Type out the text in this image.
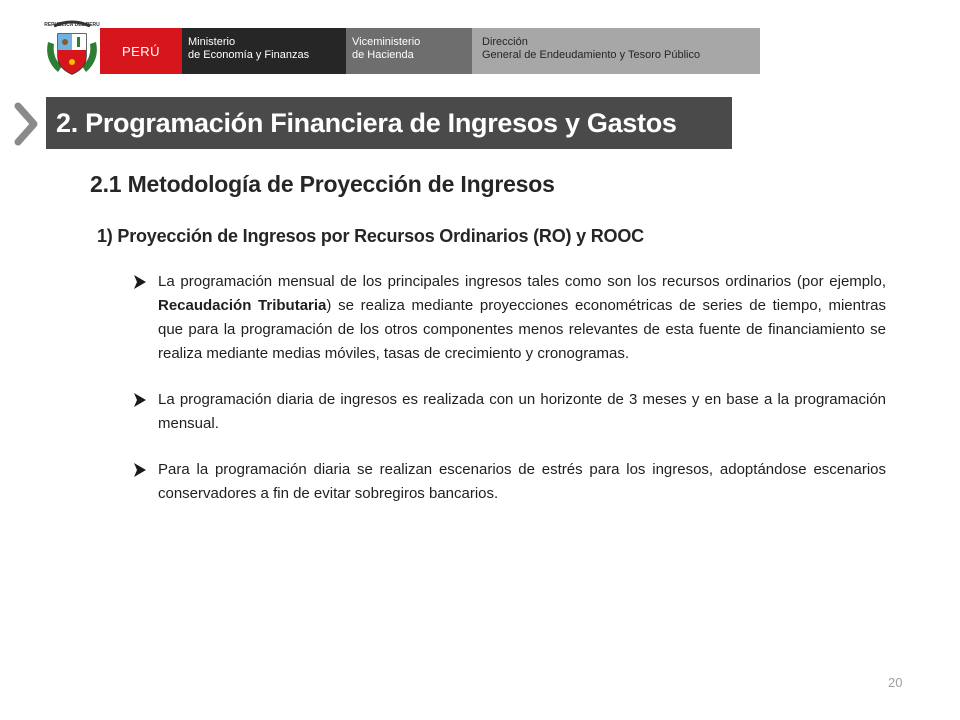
REPUBLICA DEL PERU
PERÚ
Ministerio
de Economía y Finanzas
Viceministerio
de Hacienda
Dirección
General de Endeudamiento y Tesoro Público
2. Programación Financiera de Ingresos y Gastos
2.1 Metodología de Proyección de Ingresos
1) Proyección de Ingresos por Recursos Ordinarios (RO) y ROOC
La programación mensual de los principales ingresos tales como son los recursos ordinarios (por ejemplo, Recaudación Tributaria) se realiza mediante proyecciones econométricas de series de tiempo, mientras que para la programación de los otros componentes menos relevantes de esta fuente de financiamiento se realiza mediante medias móviles, tasas de crecimiento y cronogramas.
La programación diaria de ingresos es realizada con un horizonte de 3 meses y en base a la programación mensual.
Para la programación diaria se realizan escenarios de estrés para los ingresos, adoptándose escenarios conservadores a fin de evitar sobregiros bancarios.
20
